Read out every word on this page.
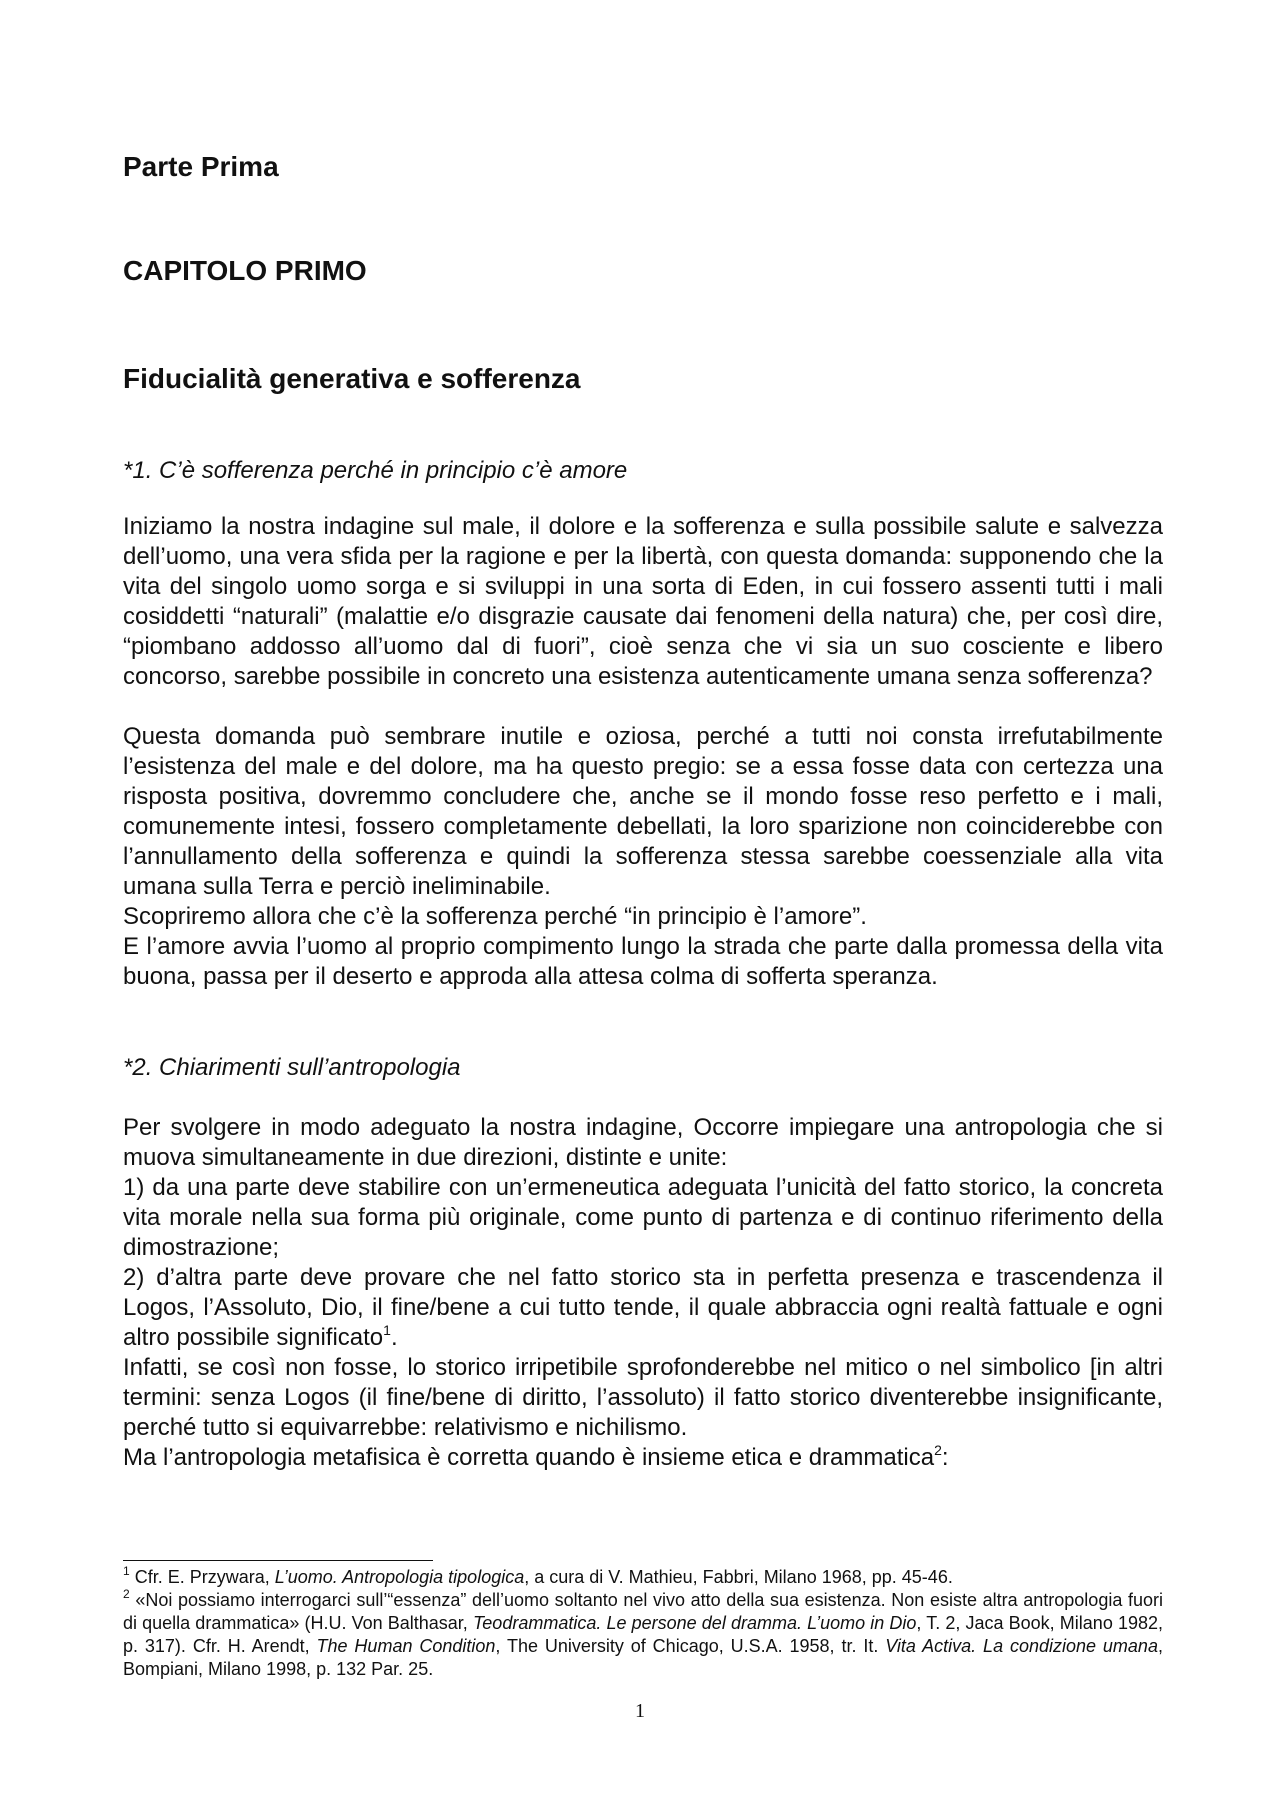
Parte Prima
CAPITOLO PRIMO
Fiducialità generativa e sofferenza

*1. C’è sofferenza perché in principio c’è amore

Iniziamo la nostra indagine sul male, il dolore e la sofferenza e sulla possibile salute e salvezza dell’uomo, una vera sfida per la ragione e per la libertà, con questa domanda: supponendo che la vita del singolo uomo sorga e si sviluppi in una sorta di Eden, in cui fossero assenti tutti i mali cosiddetti “naturali” (malattie e/o disgrazie causate dai fenomeni della natura) che, per così dire, “piombano addosso all’uomo dal di fuori”, cioè senza che vi sia un suo cosciente e libero concorso, sarebbe possibile in concreto una esistenza autenticamente umana senza sofferenza?

Questa domanda può sembrare inutile e oziosa, perché a tutti noi consta irrefutabilmente l’esistenza del male e del dolore, ma ha questo pregio: se a essa fosse data con certezza una risposta positiva, dovremmo concludere che, anche se il mondo fosse reso perfetto e i mali, comunemente intesi, fossero completamente debellati, la loro sparizione non coinciderebbe con l’annullamento della sofferenza e quindi la sofferenza stessa sarebbe coessenziale alla vita umana sulla Terra e perciò ineliminabile.

Scopriremo allora che c’è la sofferenza perché “in principio è l’amore”.

E l’amore avvia l’uomo al proprio compimento lungo la strada che parte dalla promessa della vita buona, passa per il deserto e approda alla attesa colma di sofferta speranza.

*2. Chiarimenti sull’antropologia

Per svolgere in modo adeguato la nostra indagine, Occorre impiegare una antropologia che si muova simultaneamente in due direzioni, distinte e unite:

1) da una parte deve stabilire con un’ermeneutica adeguata l’unicità del fatto storico, la concreta vita morale nella sua forma più originale, come punto di partenza e di continuo riferimento della dimostrazione;

2) d’altra parte deve provare che nel fatto storico sta in perfetta presenza e trascendenza il Logos, l’Assoluto, Dio, il fine/bene a cui tutto tende, il quale abbraccia ogni realtà fattuale e ogni altro possibile significato$^1$.

Infatti, se così non fosse, lo storico irripetibile sprofonderebbe nel mitico o nel simbolico [in altri termini: senza Logos (il fine/bene di diritto, l’assoluto) il fatto storico diventerebbe insignificante, perché tutto si equivarrebbe: relativismo e nichilismo.

Ma l’antropologia metafisica è corretta quando è insieme etica e drammatica$^2$:

$^1$ Cfr. E. Przywara, L’uomo. Antropologia tipologica, a cura di V. Mathieu, Fabbri, Milano 1968, pp. 45-46.

$^2$ «Noi possiamo interrogarci sull’“essenza” dell’uomo soltanto nel vivo atto della sua esistenza. Non esiste altra antropologia fuori di quella drammatica» (H.U. Von Balthasar, Teodrammatica. Le persone del dramma. L’uomo in Dio, T. 2, Jaca Book, Milano 1982, p. 317). Cfr. H. Arendt, The Human Condition, The University of Chicago, U.S.A. 1958, tr. It. Vita Activa. La condizione umana, Bompiani, Milano 1998, p. 132 Par. 25.

1
